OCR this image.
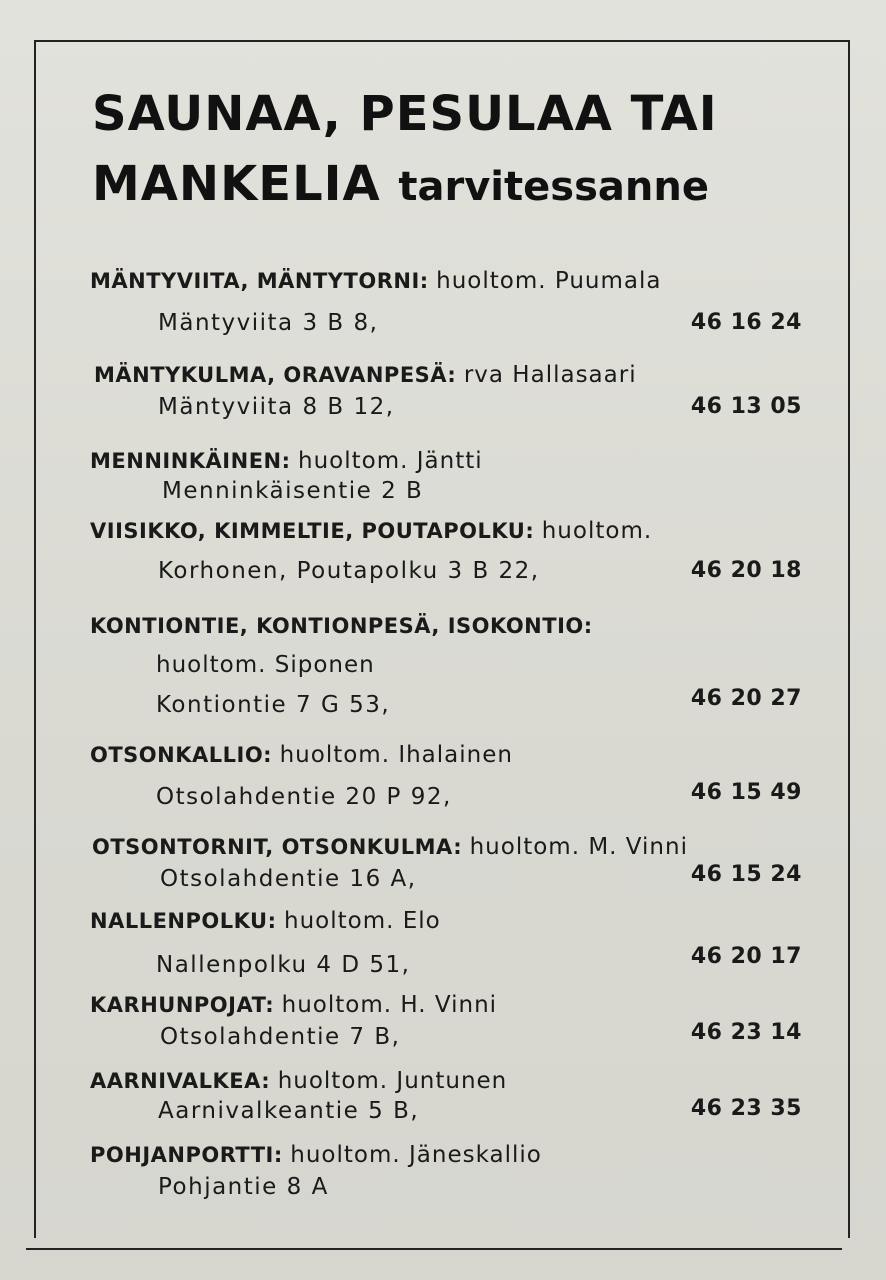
SAUNAA, PESULAA TAI
MANKELIA tarvitessanne
MÄNTYVIITA, MÄNTYTORNI: huoltom. Puumala
Mäntyviita 3 B 8,	46 16 24
MÄNTYKULMA, ORAVANPESÄ: rva Hallasaari
Mäntyviita 8 B 12,	46 13 05
MENNINKÄINEN: huoltom. Jäntti
Menninkäisentie 2 B
VIISIKKO, KIMMELTIE, POUTAPOLKU: huoltom.
Korhonen, Poutapolku 3 B 22,	46 20 18
KONTIONTIE, KONTIONPESÄ, ISOKONTIO:
huoltom. Siponen
Kontiontie 7 G 53,	46 20 27
OTSONKALLIO: huoltom. Ihalainen
Otsolahdentie 20 P 92,	46 15 49
OTSONTORNIT, OTSONKULMA: huoltom. M. Vinni
Otsolahdentie 16 A,	46 15 24
NALLENPOLKU: huoltom. Elo
Nallenpolku 4 D 51,	46 20 17
KARHUNPOJAT: huoltom. H. Vinni
Otsolahdentie 7 B,	46 23 14
AARNIVALKEA: huoltom. Juntunen
Aarnivalkeantie 5 B,	46 23 35
POHJANPORTTI: huoltom. Jäneskallio
Pohjantie 8 A
